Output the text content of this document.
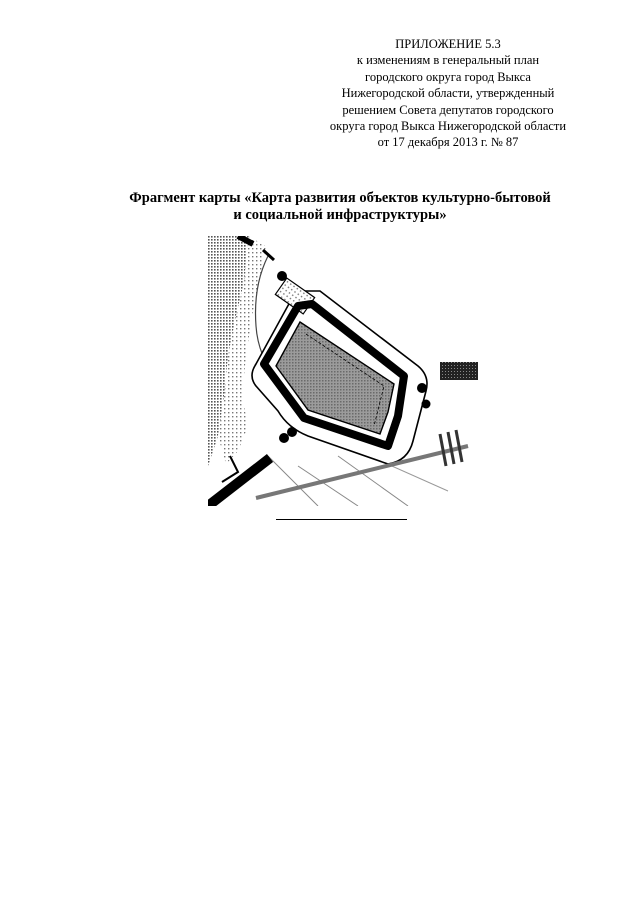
ПРИЛОЖЕНИЕ 5.3
к изменениям в генеральный план
городского округа город Выкса
Нижегородской области, утвержденный
решением Совета депутатов городского
округа город Выкса Нижегородской области
от 17 декабря 2013 г. № 87
Фрагмент карты «Карта развития объектов культурно-бытовой
и социальной инфраструктуры»
